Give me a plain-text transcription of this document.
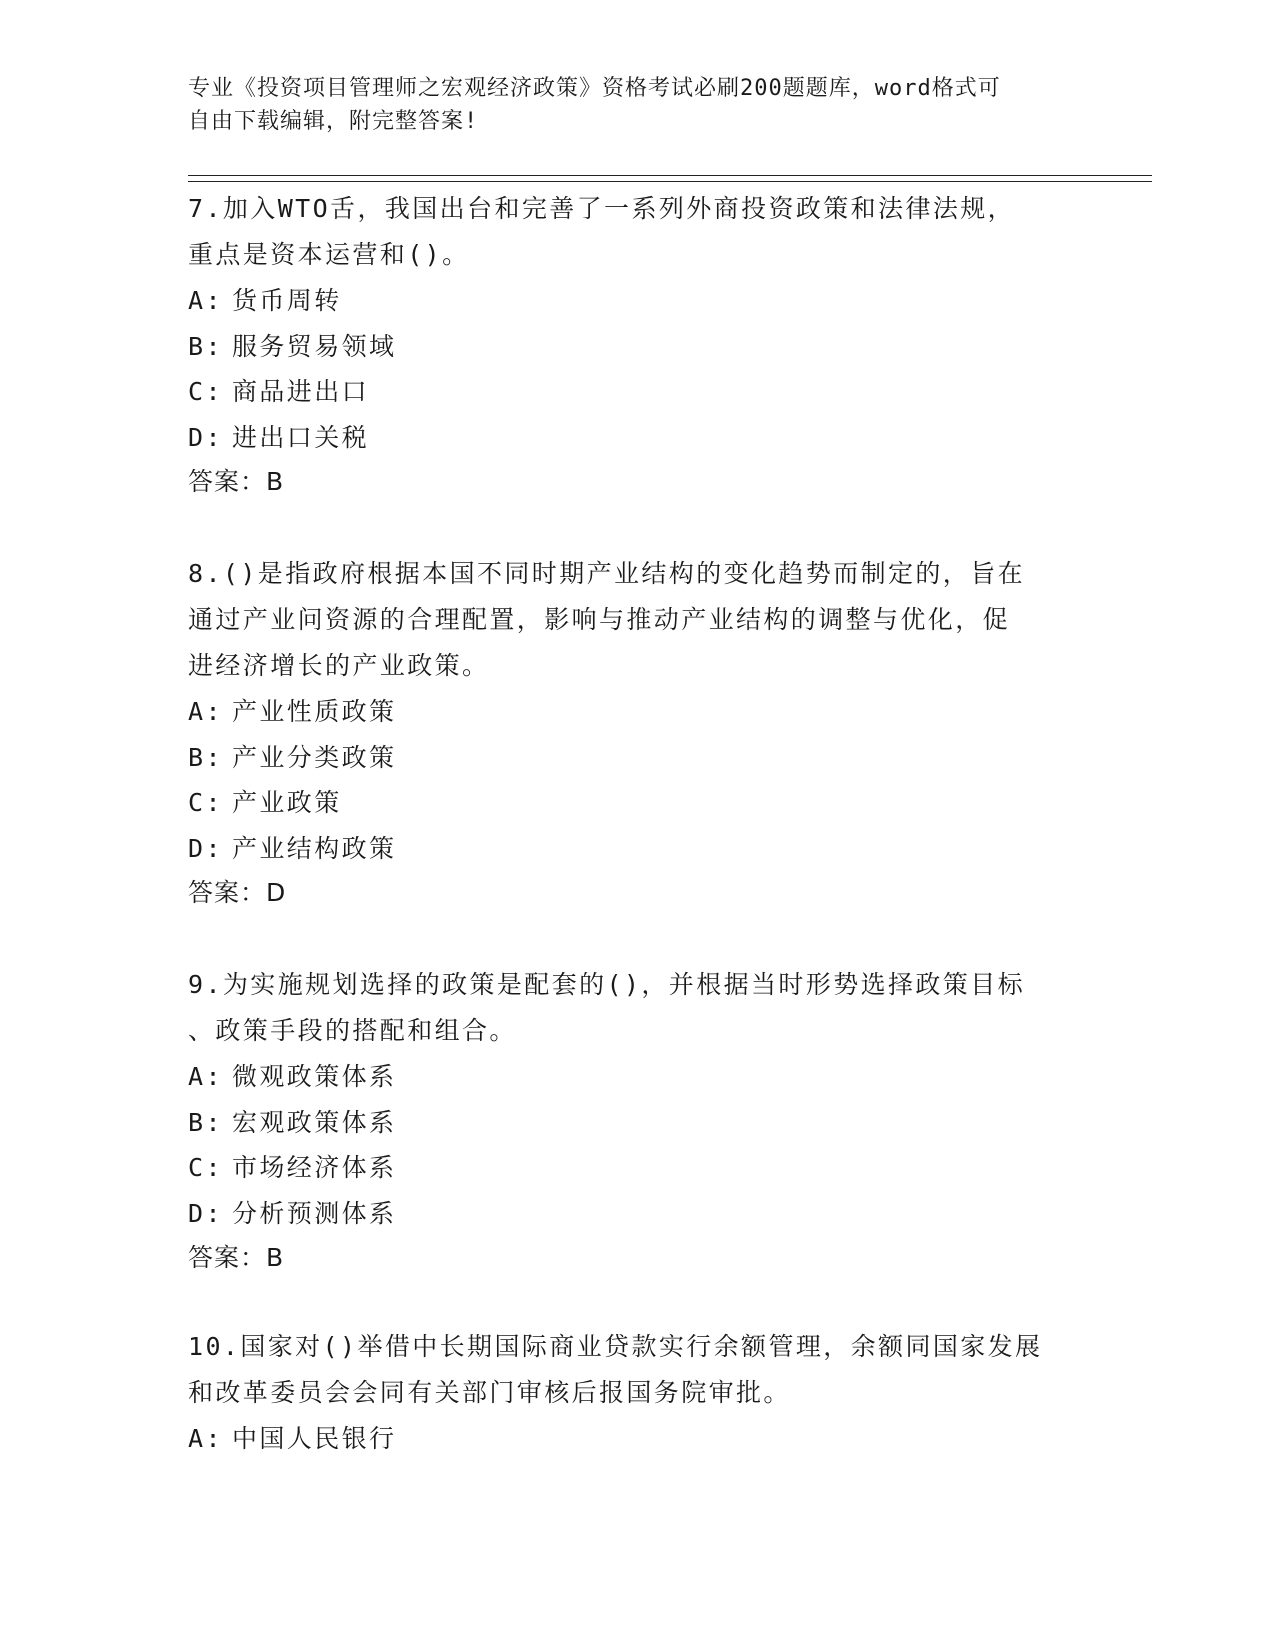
专业《投资项目管理师之宏观经济政策》资格考试必刷200题题库，word格式可
自由下载编辑，附完整答案!
7.加入WTO舌，我国出台和完善了一系列外商投资政策和法律法规，
重点是资本运营和()。
A: 货币周转
B: 服务贸易领域
C: 商品进出口
D: 进出口关税
答案：B
8.()是指政府根据本国不同时期产业结构的变化趋势而制定的，旨在
通过产业问资源的合理配置，影响与推动产业结构的调整与优化，促
进经济增长的产业政策。
A: 产业性质政策
B: 产业分类政策
C: 产业政策
D: 产业结构政策
答案：D
9.为实施规划选择的政策是配套的()，并根据当时形势选择政策目标
、政策手段的搭配和组合。
A: 微观政策体系
B: 宏观政策体系
C: 市场经济体系
D: 分析预测体系
答案：B
10.国家对()举借中长期国际商业贷款实行余额管理，余额同国家发展
和改革委员会会同有关部门审核后报国务院审批。
A: 中国人民银行
